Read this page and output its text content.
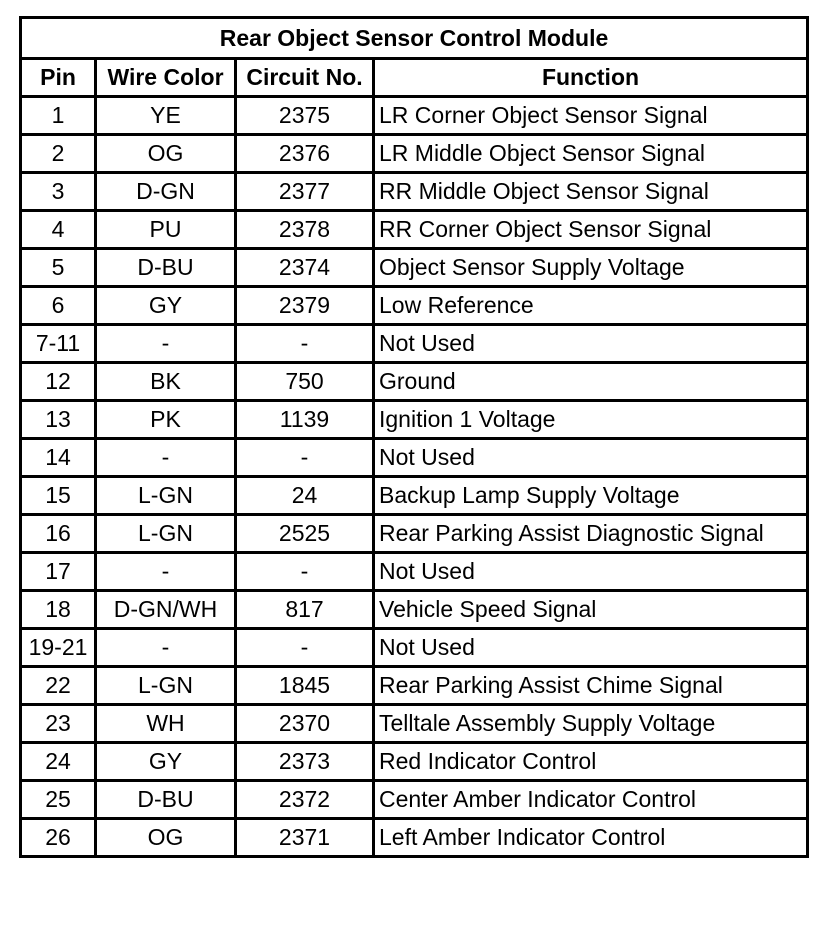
Rear Object Sensor Control Module			
Pin	Wire Color	Circuit No.	Function
1	YE	2375	LR Corner Object Sensor Signal
2	OG	2376	LR Middle Object Sensor Signal
3	D-GN	2377	RR Middle Object Sensor Signal
4	PU	2378	RR Corner Object Sensor Signal
5	D-BU	2374	Object Sensor Supply Voltage
6	GY	2379	Low Reference
7-11	-	-	Not Used
12	BK	750	Ground
13	PK	1139	Ignition 1 Voltage
14	-	-	Not Used
15	L-GN	24	Backup Lamp Supply Voltage
16	L-GN	2525	Rear Parking Assist Diagnostic Signal
17	-	-	Not Used
18	D-GN/WH	817	Vehicle Speed Signal
19-21	-	-	Not Used
22	L-GN	1845	Rear Parking Assist Chime Signal
23	WH	2370	Telltale Assembly Supply Voltage
24	GY	2373	Red Indicator Control
25	D-BU	2372	Center Amber Indicator Control
26	OG	2371	Left Amber Indicator Control
